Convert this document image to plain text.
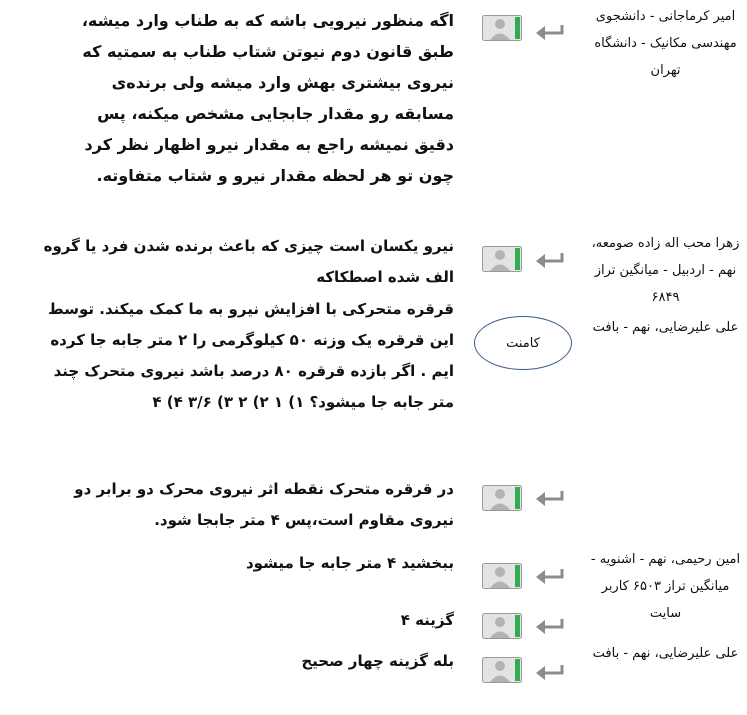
امیر کرماجانی - دانشجوی مهندسی مکانیک - دانشگاه تهران
اگه منظور نیرویی باشه که به طناب وارد میشه، طبق قانون دوم نیوتن شتاب طناب به سمتیه که نیروی بیشتری بهش وارد میشه ولی برنده‌ی مسابقه رو مقدار جابجایی مشخص میکنه، پس دقیق نمیشه راجع به مقدار نیرو اظهار نظر کرد چون تو هر لحظه مقدار نیرو و شتاب متفاوته.
زهرا محب اله زاده صومعه، نهم - اردبیل - میانگین تراز ۶۸۴۹
نیرو یکسان است چیزی که باعث برنده شدن فرد یا گروه الف شده اصطکاکه
علی علیرضایی، نهم - بافت
کامنت
قرقره متحرکی با افزایش نیرو به ما کمک میکند. توسط این قرقره یک وزنه ۵۰ کیلوگرمی را ۲ متر جابه جا کرده ایم . اگر بازده قرقره ۸۰ درصد باشد نیروی متحرک چند متر جابه جا میشود؟ ۱) ۱ ۲) ۲ ۳) ۳/۶ ۴) ۴
در قرقره متحرک نقطه اثر نیروی محرک دو برابر دو نیروی مقاوم است،پس ۴ متر جابجا شود.
امین رحیمی، نهم - اشنویه - میانگین تراز ۶۵۰۳ کاربر سایت
ببخشید ۴ متر جابه جا میشود
گزینه ۴
علی علیرضایی، نهم - بافت
بله گزینه چهار صحیح
